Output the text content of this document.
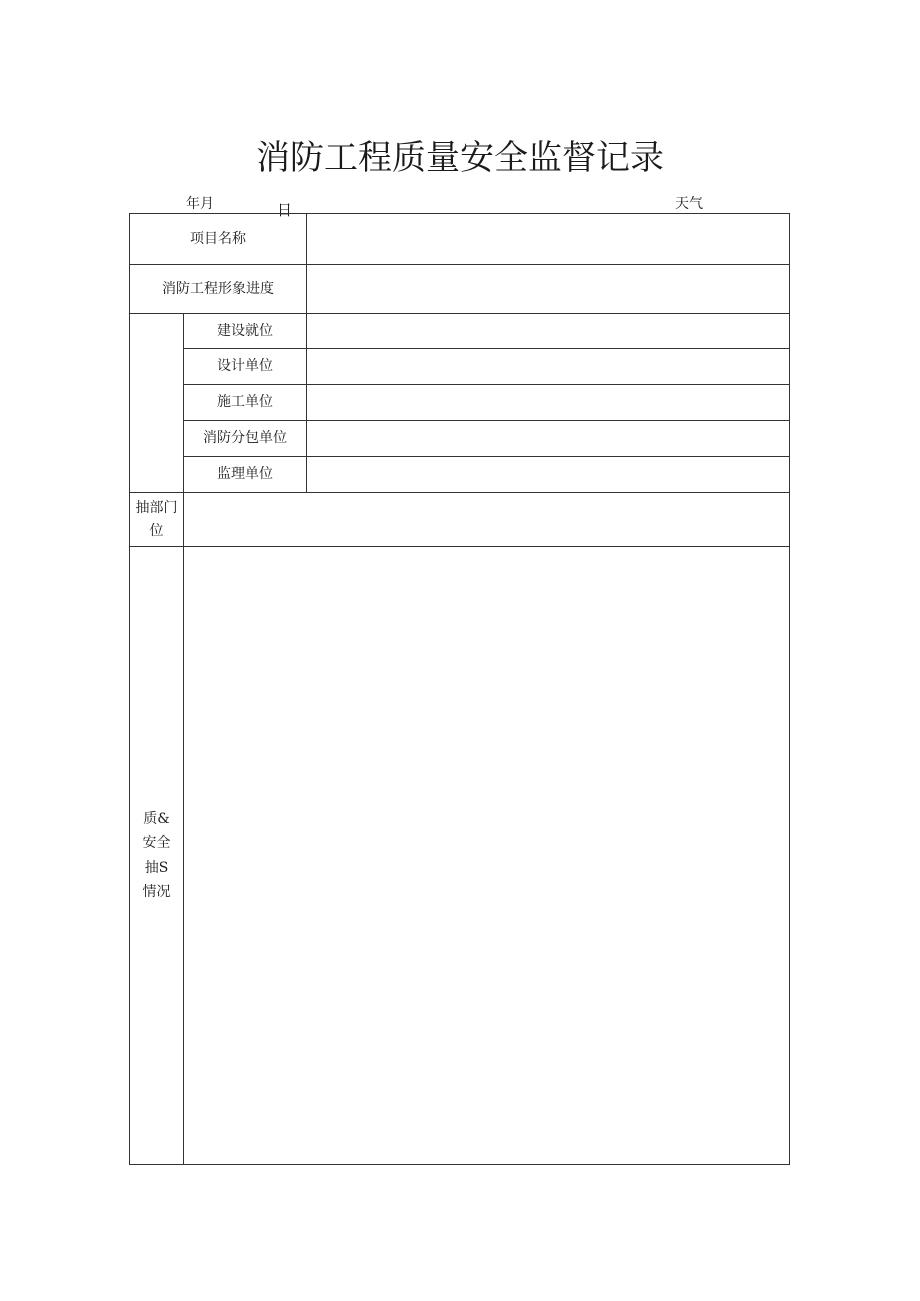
消防工程质量安全监督记录
年月	日	天气
项目名称
消防工程形象进度
建设就位
设计单位
施工单位
消防分包单位
监理单位
抽部门
位
质&
安全
抽S
情况
